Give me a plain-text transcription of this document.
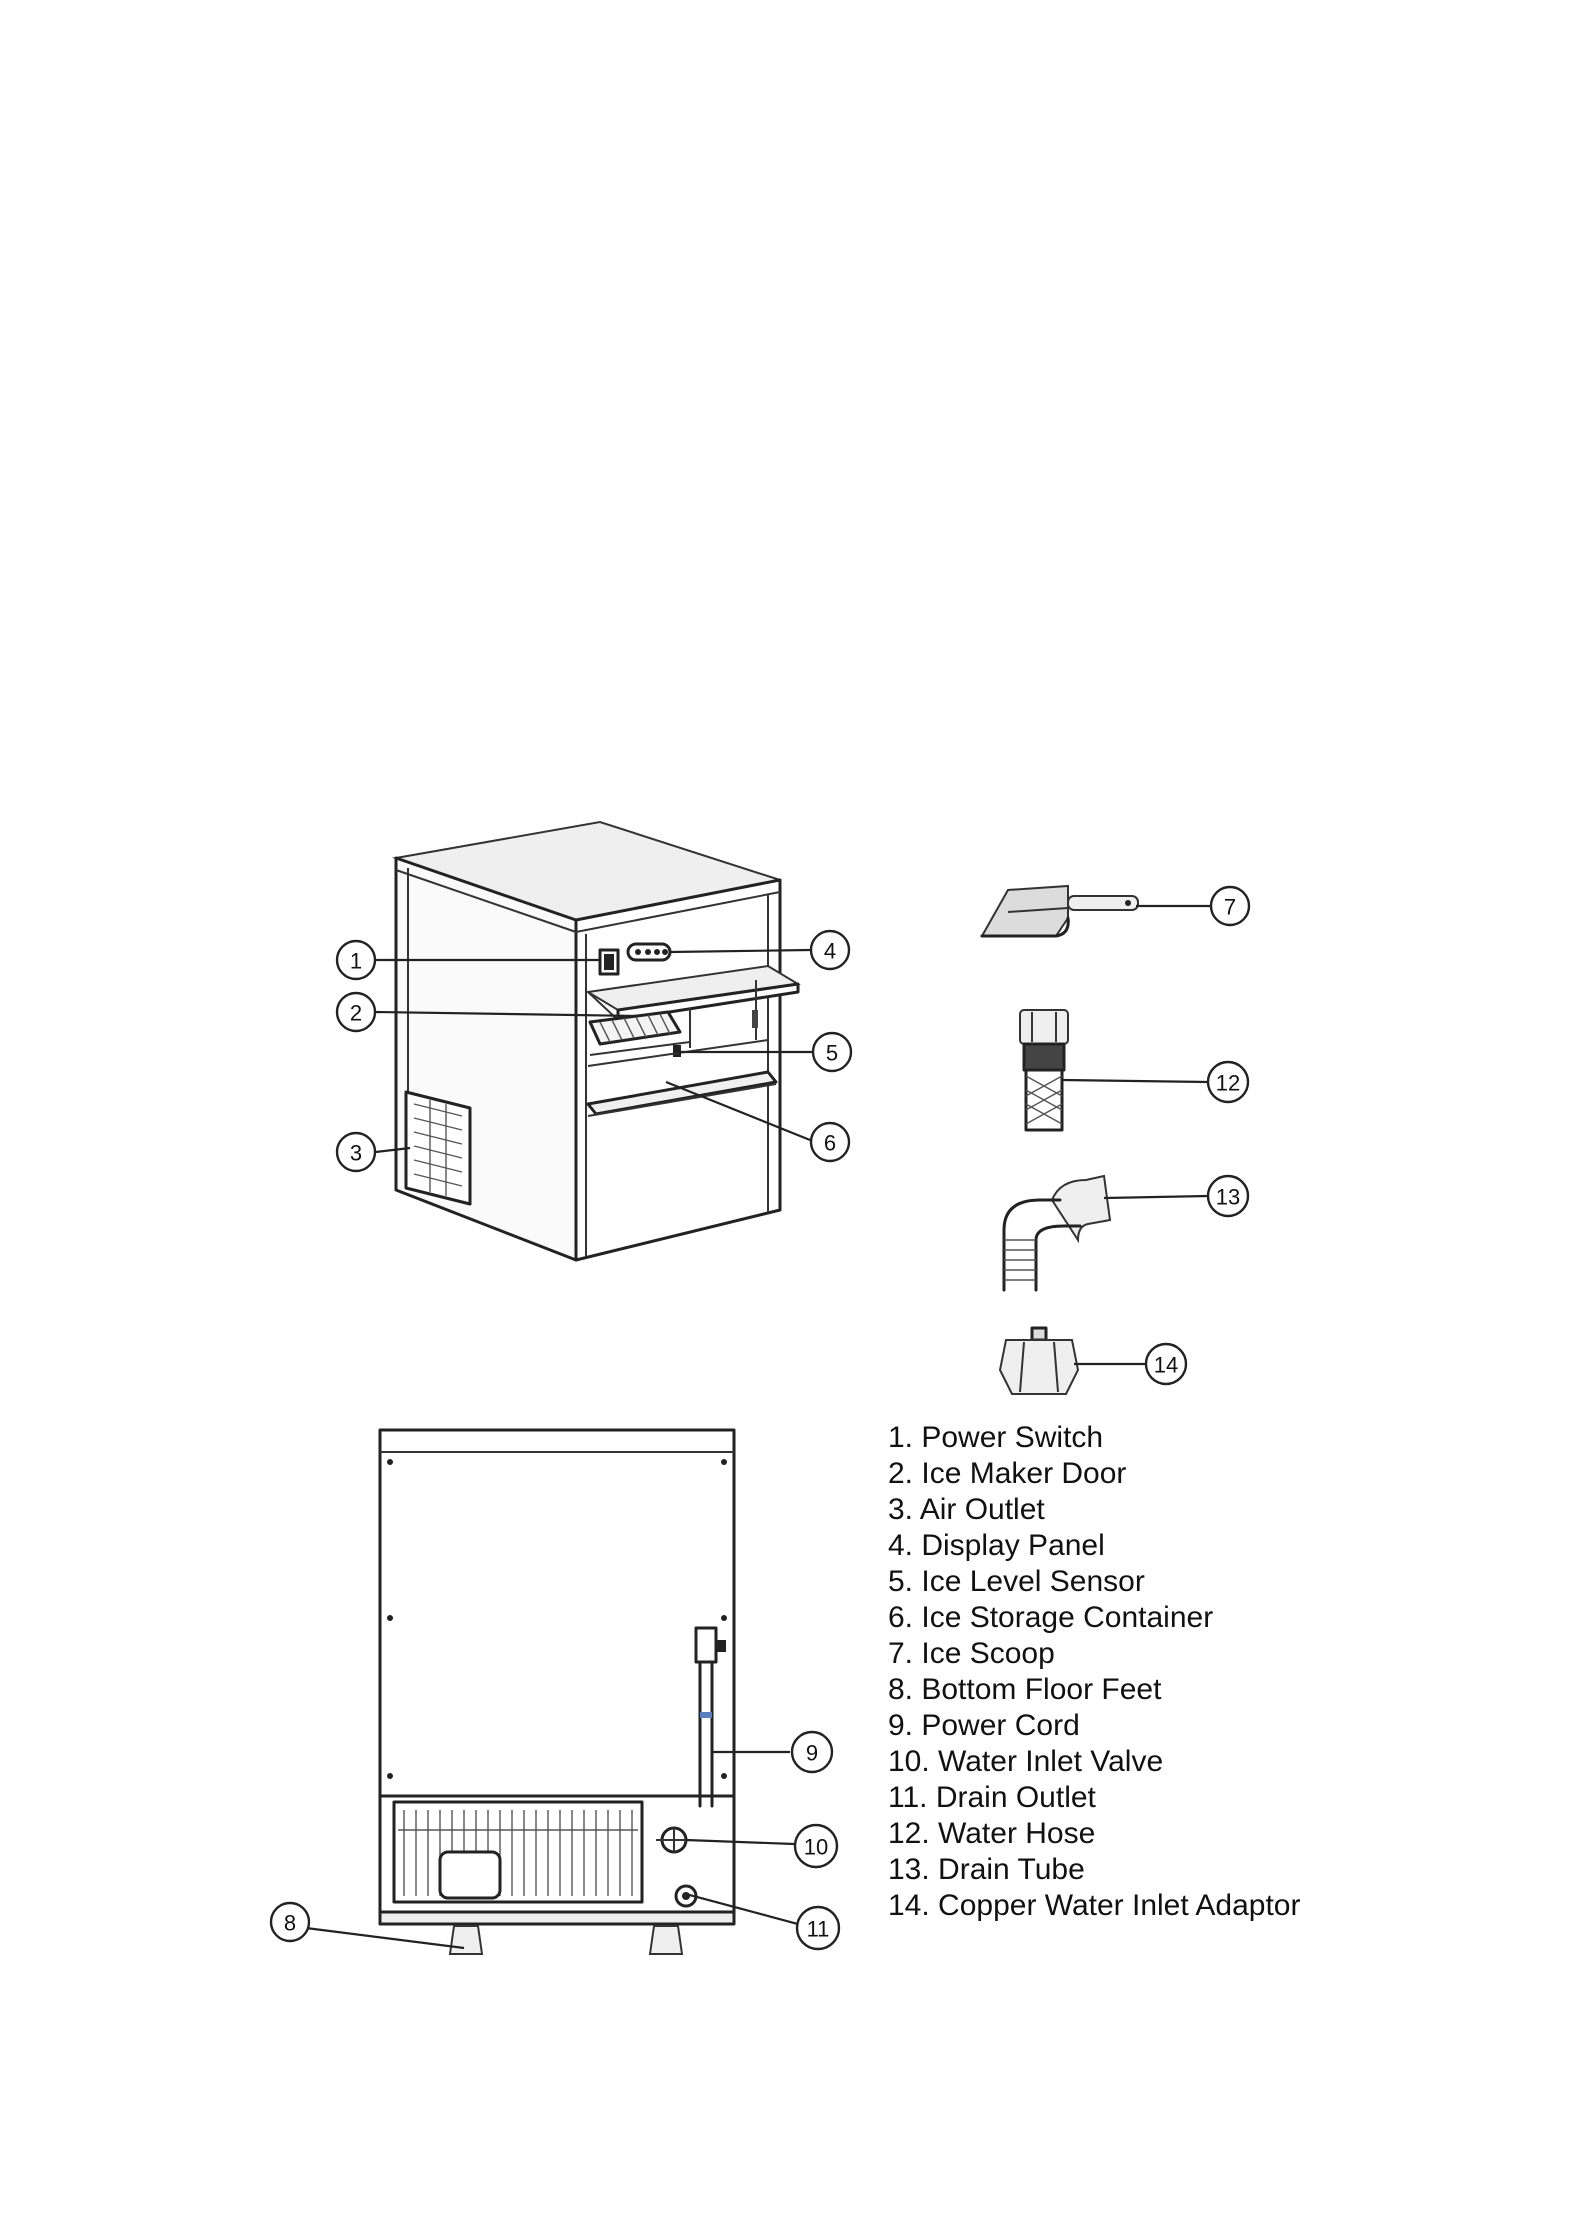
1
2
3
4
5
6
7
12
13
14
8
9
10
11
1. Power Switch
2. Ice Maker Door
3. Air Outlet
4. Display Panel
5. Ice Level Sensor
6. Ice Storage Container
7. Ice Scoop
8. Bottom Floor Feet
9. Power Cord
10. Water Inlet Valve
11. Drain Outlet
12. Water Hose
13. Drain Tube
14. Copper Water Inlet Adaptor
